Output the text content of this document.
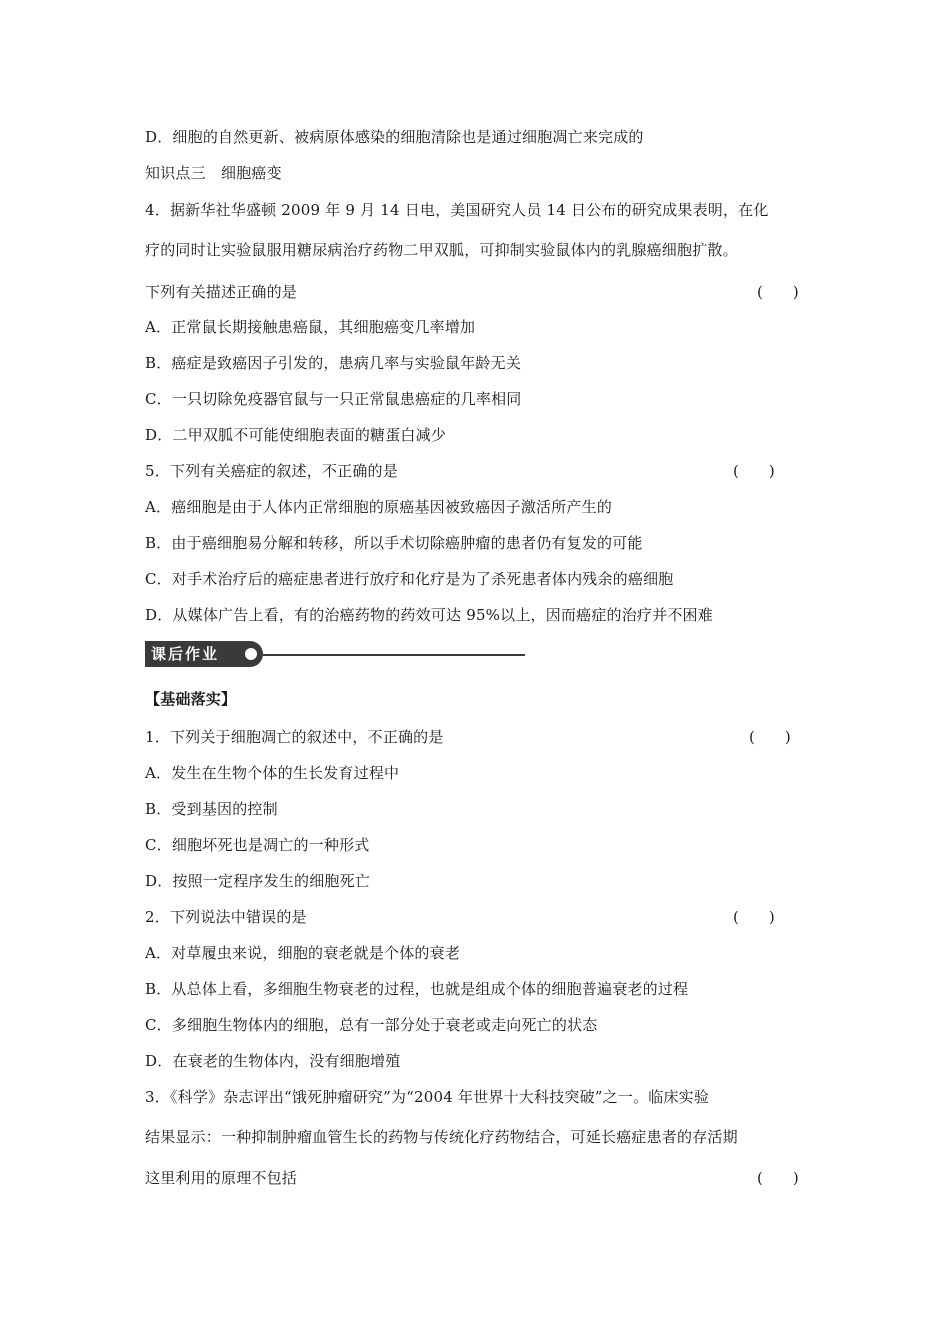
D．细胞的自然更新、被病原体感染的细胞清除也是通过细胞凋亡来完成的
知识点三　细胞癌变
4．据新华社华盛顿 2009 年 9 月 14 日电，美国研究人员 14 日公布的研究成果表明，在化
疗的同时让实验鼠服用糖尿病治疗药物二甲双胍，可抑制实验鼠体内的乳腺癌细胞扩散。
下列有关描述正确的是	(　　)
A．正常鼠长期接触患癌鼠，其细胞癌变几率增加
B．癌症是致癌因子引发的，患病几率与实验鼠年龄无关
C．一只切除免疫器官鼠与一只正常鼠患癌症的几率相同
D．二甲双胍不可能使细胞表面的糖蛋白减少
5．下列有关癌症的叙述，不正确的是	(　　)
A．癌细胞是由于人体内正常细胞的原癌基因被致癌因子激活所产生的
B．由于癌细胞易分解和转移，所以手术切除癌肿瘤的患者仍有复发的可能
C．对手术治疗后的癌症患者进行放疗和化疗是为了杀死患者体内残余的癌细胞
D．从媒体广告上看，有的治癌药物的药效可达 95%以上，因而癌症的治疗并不困难
课后作业
【基础落实】
1．下列关于细胞凋亡的叙述中，不正确的是	(　　)
A．发生在生物个体的生长发育过程中
B．受到基因的控制
C．细胞坏死也是凋亡的一种形式
D．按照一定程序发生的细胞死亡
2．下列说法中错误的是	(　　)
A．对草履虫来说，细胞的衰老就是个体的衰老
B．从总体上看，多细胞生物衰老的过程，也就是组成个体的细胞普遍衰老的过程
C．多细胞生物体内的细胞，总有一部分处于衰老或走向死亡的状态
D．在衰老的生物体内，没有细胞增殖
3．《科学》杂志评出“饿死肿瘤研究”为“2004 年世界十大科技突破”之一。临床实验
结果显示：一种抑制肿瘤血管生长的药物与传统化疗药物结合，可延长癌症患者的存活期
这里利用的原理不包括	(　　)
